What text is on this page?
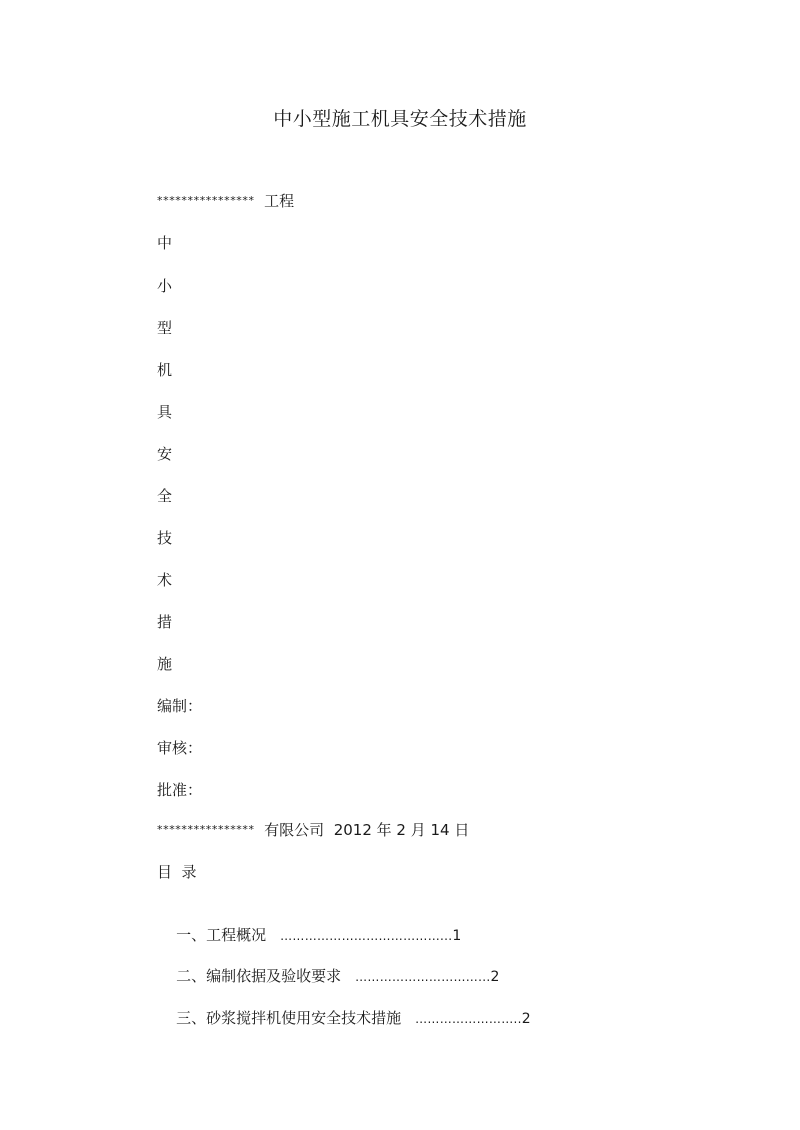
中小型施工机具安全技术措施
**************** 工程
中
小
型
机
具
安
全
技
术
措
施
编制：
审核：
批准：
**************** 有限公司  2012 年 2 月 14 日
目  录

一、工程概况 …………………………………...1

二、编制依据及验收要求 …………………………...2

三、砂浆搅拌机使用安全技术措施 ……………………..2
